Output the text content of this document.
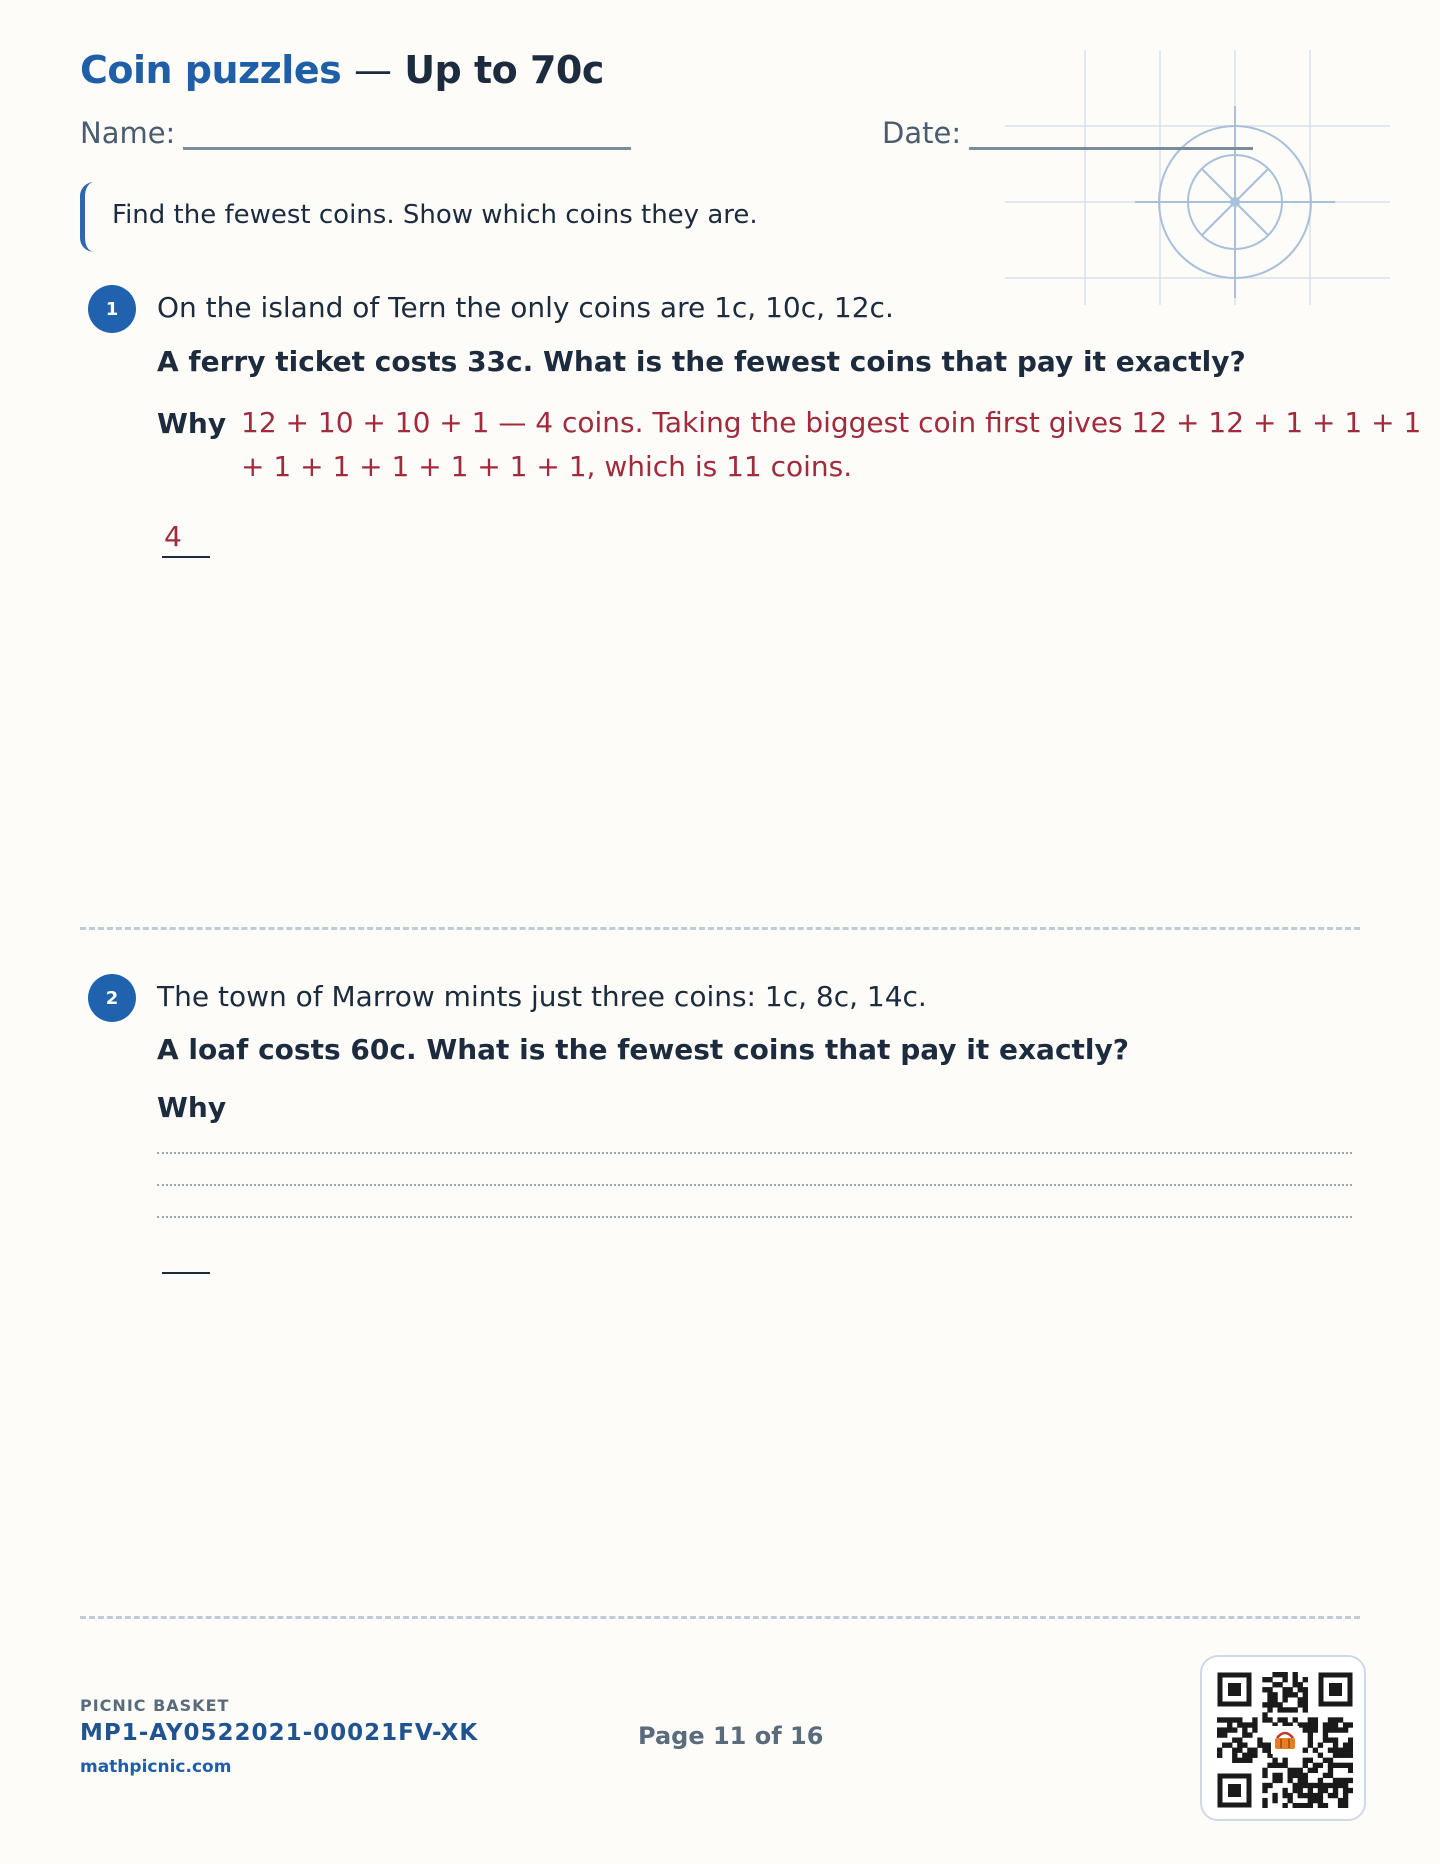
Coin puzzles — Up to 70c
Name:	Date:
Find the fewest coins. Show which coins they are.
1	On the island of Tern the only coins are 1c, 10c, 12c.
A ferry ticket costs 33c. What is the fewest coins that pay it exactly?
Why 12 + 10 + 10 + 1 — 4 coins. Taking the biggest coin first gives 12 + 12 + 1 + 1 + 1
+ 1 + 1 + 1 + 1 + 1 + 1, which is 11 coins.
4
2	The town of Marrow mints just three coins: 1c, 8c, 14c.
A loaf costs 60c. What is the fewest coins that pay it exactly?
Why
PICNIC BASKET
MP1-AY0522021-00021FV-XK
mathpicnic.com
Page 11 of 16
